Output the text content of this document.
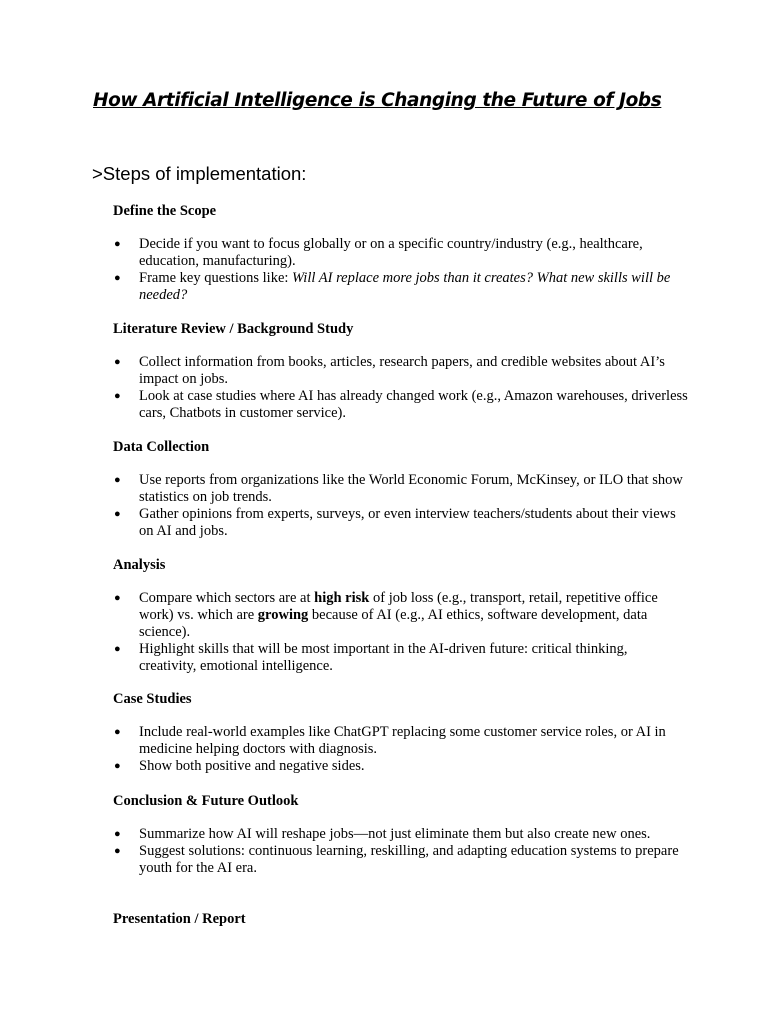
How Artificial Intelligence is Changing the Future of Jobs
>Steps of implementation:
Define the Scope
● Decide if you want to focus globally or on a specific country/industry (e.g., healthcare, education, manufacturing).
● Frame key questions like: Will AI replace more jobs than it creates? What new skills will be needed?
Literature Review / Background Study
● Collect information from books, articles, research papers, and credible websites about AI’s impact on jobs.
● Look at case studies where AI has already changed work (e.g., Amazon warehouses, driverless cars, Chatbots in customer service).
Data Collection
● Use reports from organizations like the World Economic Forum, McKinsey, or ILO that show statistics on job trends.
● Gather opinions from experts, surveys, or even interview teachers/students about their views on AI and jobs.
Analysis
● Compare which sectors are at high risk of job loss (e.g., transport, retail, repetitive office work) vs. which are growing because of AI (e.g., AI ethics, software development, data science).
● Highlight skills that will be most important in the AI-driven future: critical thinking, creativity, emotional intelligence.
Case Studies
● Include real-world examples like ChatGPT replacing some customer service roles, or AI in medicine helping doctors with diagnosis.
● Show both positive and negative sides.
Conclusion & Future Outlook
● Summarize how AI will reshape jobs—not just eliminate them but also create new ones.
● Suggest solutions: continuous learning, reskilling, and adapting education systems to prepare youth for the AI era.
Presentation / Report
